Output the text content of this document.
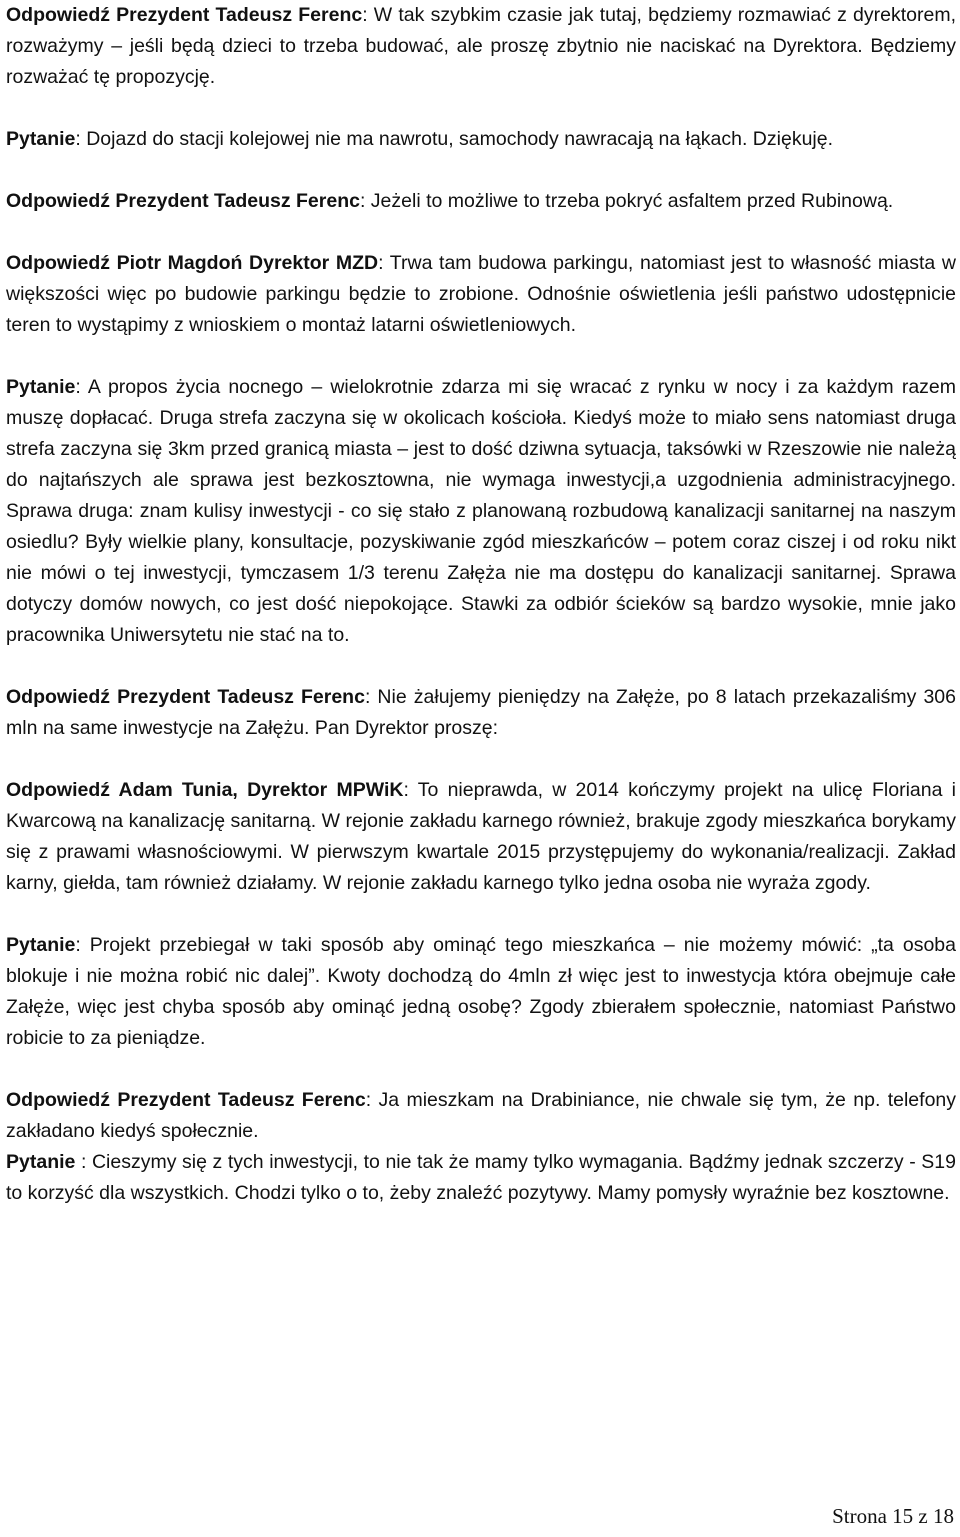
Odpowiedź Prezydent Tadeusz Ferenc: W tak szybkim czasie jak tutaj, będziemy rozmawiać z dyrektorem, rozważymy – jeśli będą dzieci to trzeba budować, ale proszę zbytnio nie naciskać na Dyrektora. Będziemy rozważać tę propozycję.

Pytanie: Dojazd do stacji kolejowej nie ma nawrotu, samochody nawracają na łąkach. Dziękuję.

Odpowiedź Prezydent Tadeusz Ferenc: Jeżeli to możliwe to trzeba pokryć asfaltem przed Rubinową.

Odpowiedź Piotr Magdoń Dyrektor MZD: Trwa tam budowa parkingu, natomiast jest to własność miasta w większości więc po budowie parkingu będzie to zrobione. Odnośnie oświetlenia jeśli państwo udostępnicie teren to wystąpimy z wnioskiem o montaż latarni oświetleniowych.

Pytanie: A propos życia nocnego – wielokrotnie zdarza mi się wracać z rynku w nocy i za każdym razem muszę dopłacać. Druga strefa zaczyna się w okolicach kościoła. Kiedyś może to miało sens natomiast druga strefa zaczyna się 3km przed granicą miasta – jest to dość dziwna sytuacja, taksówki w Rzeszowie nie należą do najtańszych ale sprawa jest bezkosztowna, nie wymaga inwestycji,a uzgodnienia administracyjnego. Sprawa druga: znam kulisy inwestycji - co się stało z planowaną rozbudową kanalizacji sanitarnej na naszym osiedlu? Były wielkie plany, konsultacje, pozyskiwanie zgód mieszkańców – potem coraz ciszej i od roku nikt nie mówi o tej inwestycji, tymczasem 1/3 terenu Załęża nie ma dostępu do kanalizacji sanitarnej. Sprawa dotyczy domów nowych, co jest dość niepokojące. Stawki za odbiór ścieków są bardzo wysokie, mnie jako pracownika Uniwersytetu nie stać na to.

Odpowiedź Prezydent Tadeusz Ferenc: Nie żałujemy pieniędzy na Załęże, po 8 latach przekazaliśmy 306 mln na same inwestycje na Załężu. Pan Dyrektor proszę:

Odpowiedź Adam Tunia, Dyrektor MPWiK: To nieprawda, w 2014 kończymy projekt na ulicę Floriana i Kwarcową na kanalizację sanitarną. W rejonie zakładu karnego również, brakuje zgody mieszkańca borykamy się z prawami własnościowymi. W pierwszym kwartale 2015 przystępujemy do wykonania/realizacji. Zakład karny, giełda, tam również działamy. W rejonie zakładu karnego tylko jedna osoba nie wyraża zgody.

Pytanie: Projekt przebiegał w taki sposób aby ominąć tego mieszkańca – nie możemy mówić: „ta osoba blokuje i nie można robić nic dalej”. Kwoty dochodzą do 4mln zł więc jest to inwestycja która obejmuje całe Załęże, więc jest chyba sposób aby ominąć jedną osobę? Zgody zbierałem społecznie, natomiast Państwo robicie to za pieniądze.

Odpowiedź Prezydent Tadeusz Ferenc: Ja mieszkam na Drabiniance, nie chwale się tym, że np. telefony zakładano kiedyś społecznie.

Pytanie : Cieszymy się z tych inwestycji, to nie tak że mamy tylko wymagania. Bądźmy jednak szczerzy - S19 to korzyść dla wszystkich. Chodzi tylko o to, żeby znaleźć pozytywy. Mamy pomysły wyraźnie bez kosztowne.

Strona 15 z 18
